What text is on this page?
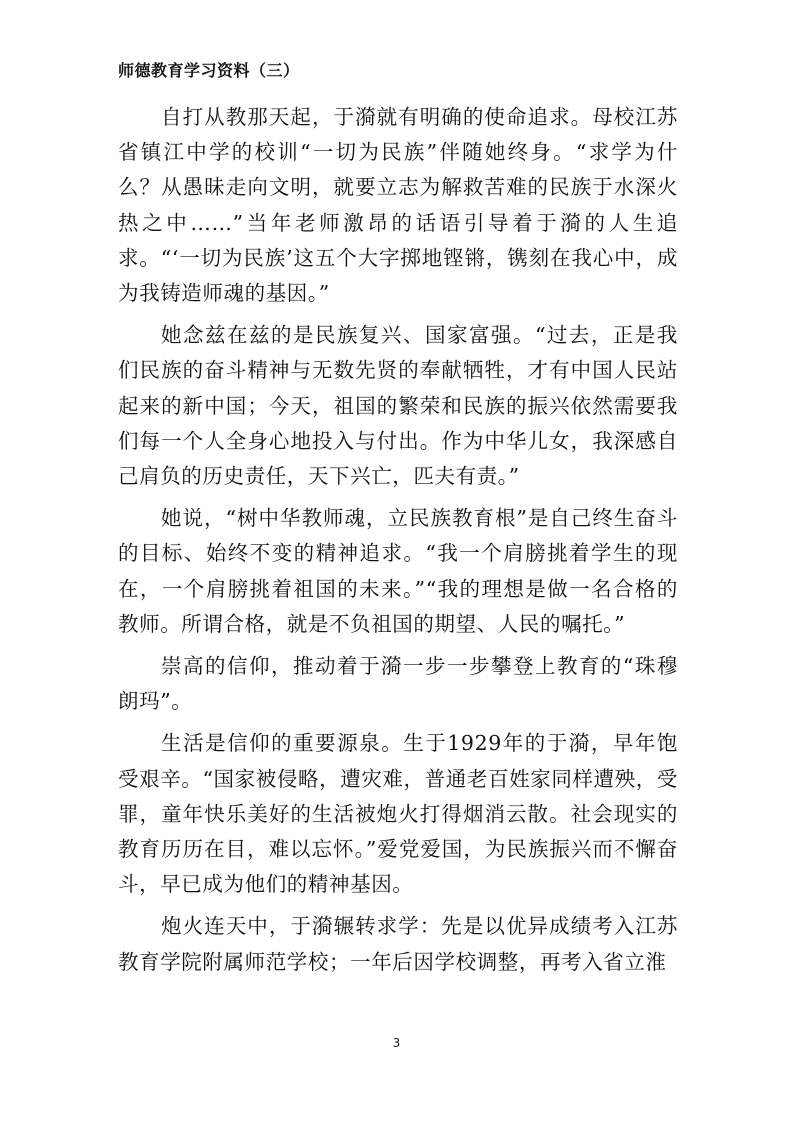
师德教育学习资料（三）

自打从教那天起，于漪就有明确的使命追求。母校江苏省镇江中学的校训“一切为民族”伴随她终身。“求学为什么？从愚昧走向文明，就要立志为解救苦难的民族于水深火热之中……”当年老师激昂的话语引导着于漪的人生追求。“‘一切为民族’这五个大字掷地铿锵，镌刻在我心中，成为我铸造师魂的基因。”

她念兹在兹的是民族复兴、国家富强。“过去，正是我们民族的奋斗精神与无数先贤的奉献牺牲，才有中国人民站起来的新中国；今天，祖国的繁荣和民族的振兴依然需要我们每一个人全身心地投入与付出。作为中华儿女，我深感自己肩负的历史责任，天下兴亡，匹夫有责。”

她说，“树中华教师魂，立民族教育根”是自己终生奋斗的目标、始终不变的精神追求。“我一个肩膀挑着学生的现在，一个肩膀挑着祖国的未来。”“我的理想是做一名合格的教师。所谓合格，就是不负祖国的期望、人民的嘱托。”

崇高的信仰，推动着于漪一步一步攀登上教育的“珠穆朗玛”。

生活是信仰的重要源泉。生于1929年的于漪，早年饱受艰辛。“国家被侵略，遭灾难，普通老百姓家同样遭殃，受罪，童年快乐美好的生活被炮火打得烟消云散。社会现实的教育历历在目，难以忘怀。”爱党爱国，为民族振兴而不懈奋斗，早已成为他们的精神基因。

炮火连天中，于漪辗转求学：先是以优异成绩考入江苏教育学院附属师范学校；一年后因学校调整，再考入省立淮

3
